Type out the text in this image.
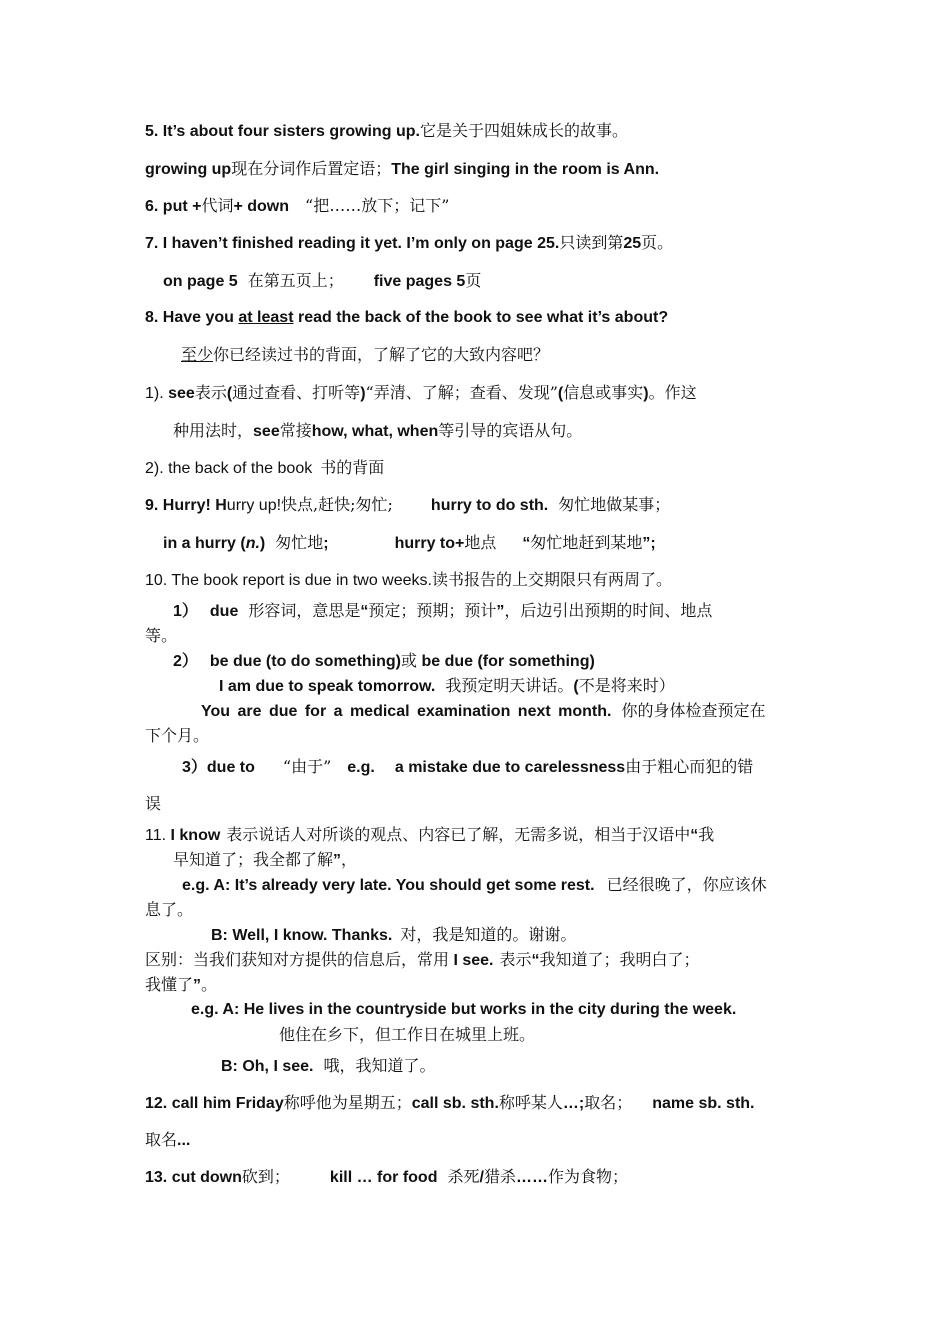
5. It’s about four sisters growing up.它是关于四姐妹成长的故事。
growing up现在分词作后置定语；The girl singing in the room is Ann.
6. put +代词+ down “把……放下；记下”
7. I haven’t finished reading it yet. I’m only on page 25.只读到第25页。
on page 5 在第五页上； five pages 5页
8. Have you at least read the back of the book to see what it’s about?
至少你已经读过书的背面，了解了它的大致内容吧？
1). see表示(通过查看、打听等)“弄清、了解；查看、发现”(信息或事实)。作这
种用法时，see常接how, what, when等引导的宾语从句。
2). the back of the book 书的背面
9. Hurry! Hurry up!快点,赶快;匆忙; hurry to do sth. 匆忙地做某事；
in a hurry (n.) 匆忙地;	hurry to+地点 “匆忙地赶到某地”;
10. The book report is due in two weeks.读书报告的上交期限只有两周了。
1） due 形容词，意思是“预定；预期；预计”，后边引出预期的时间、地点
等。
2） be due (to do something)或 be due (for something)
I am due to speak tomorrow. 我预定明天讲话。(不是将来时）
You are due for a medical examination next month. 你的身体检查预定在
下个月。
3）due to “由于” e.g. a mistake due to carelessness由于粗心而犯的错
误
11. I know 表示说话人对所谈的观点、内容已了解，无需多说，相当于汉语中“我
早知道了；我全都了解”，
e.g. A: It’s already very late. You should get some rest. 已经很晚了，你应该休
息了。
B: Well, I know. Thanks. 对，我是知道的。谢谢。
区别：当我们获知对方提供的信息后，常用 I see. 表示“我知道了；我明白了；
我懂了”。
e.g. A: He lives in the countryside but works in the city during the week.
他住在乡下，但工作日在城里上班。
B: Oh, I see. 哦，我知道了。
12. call him Friday称呼他为星期五；call sb. sth.称呼某人…;取名； name sb. sth.
取名...
13. cut down砍到；	kill … for food 杀死/猎杀……作为食物；
